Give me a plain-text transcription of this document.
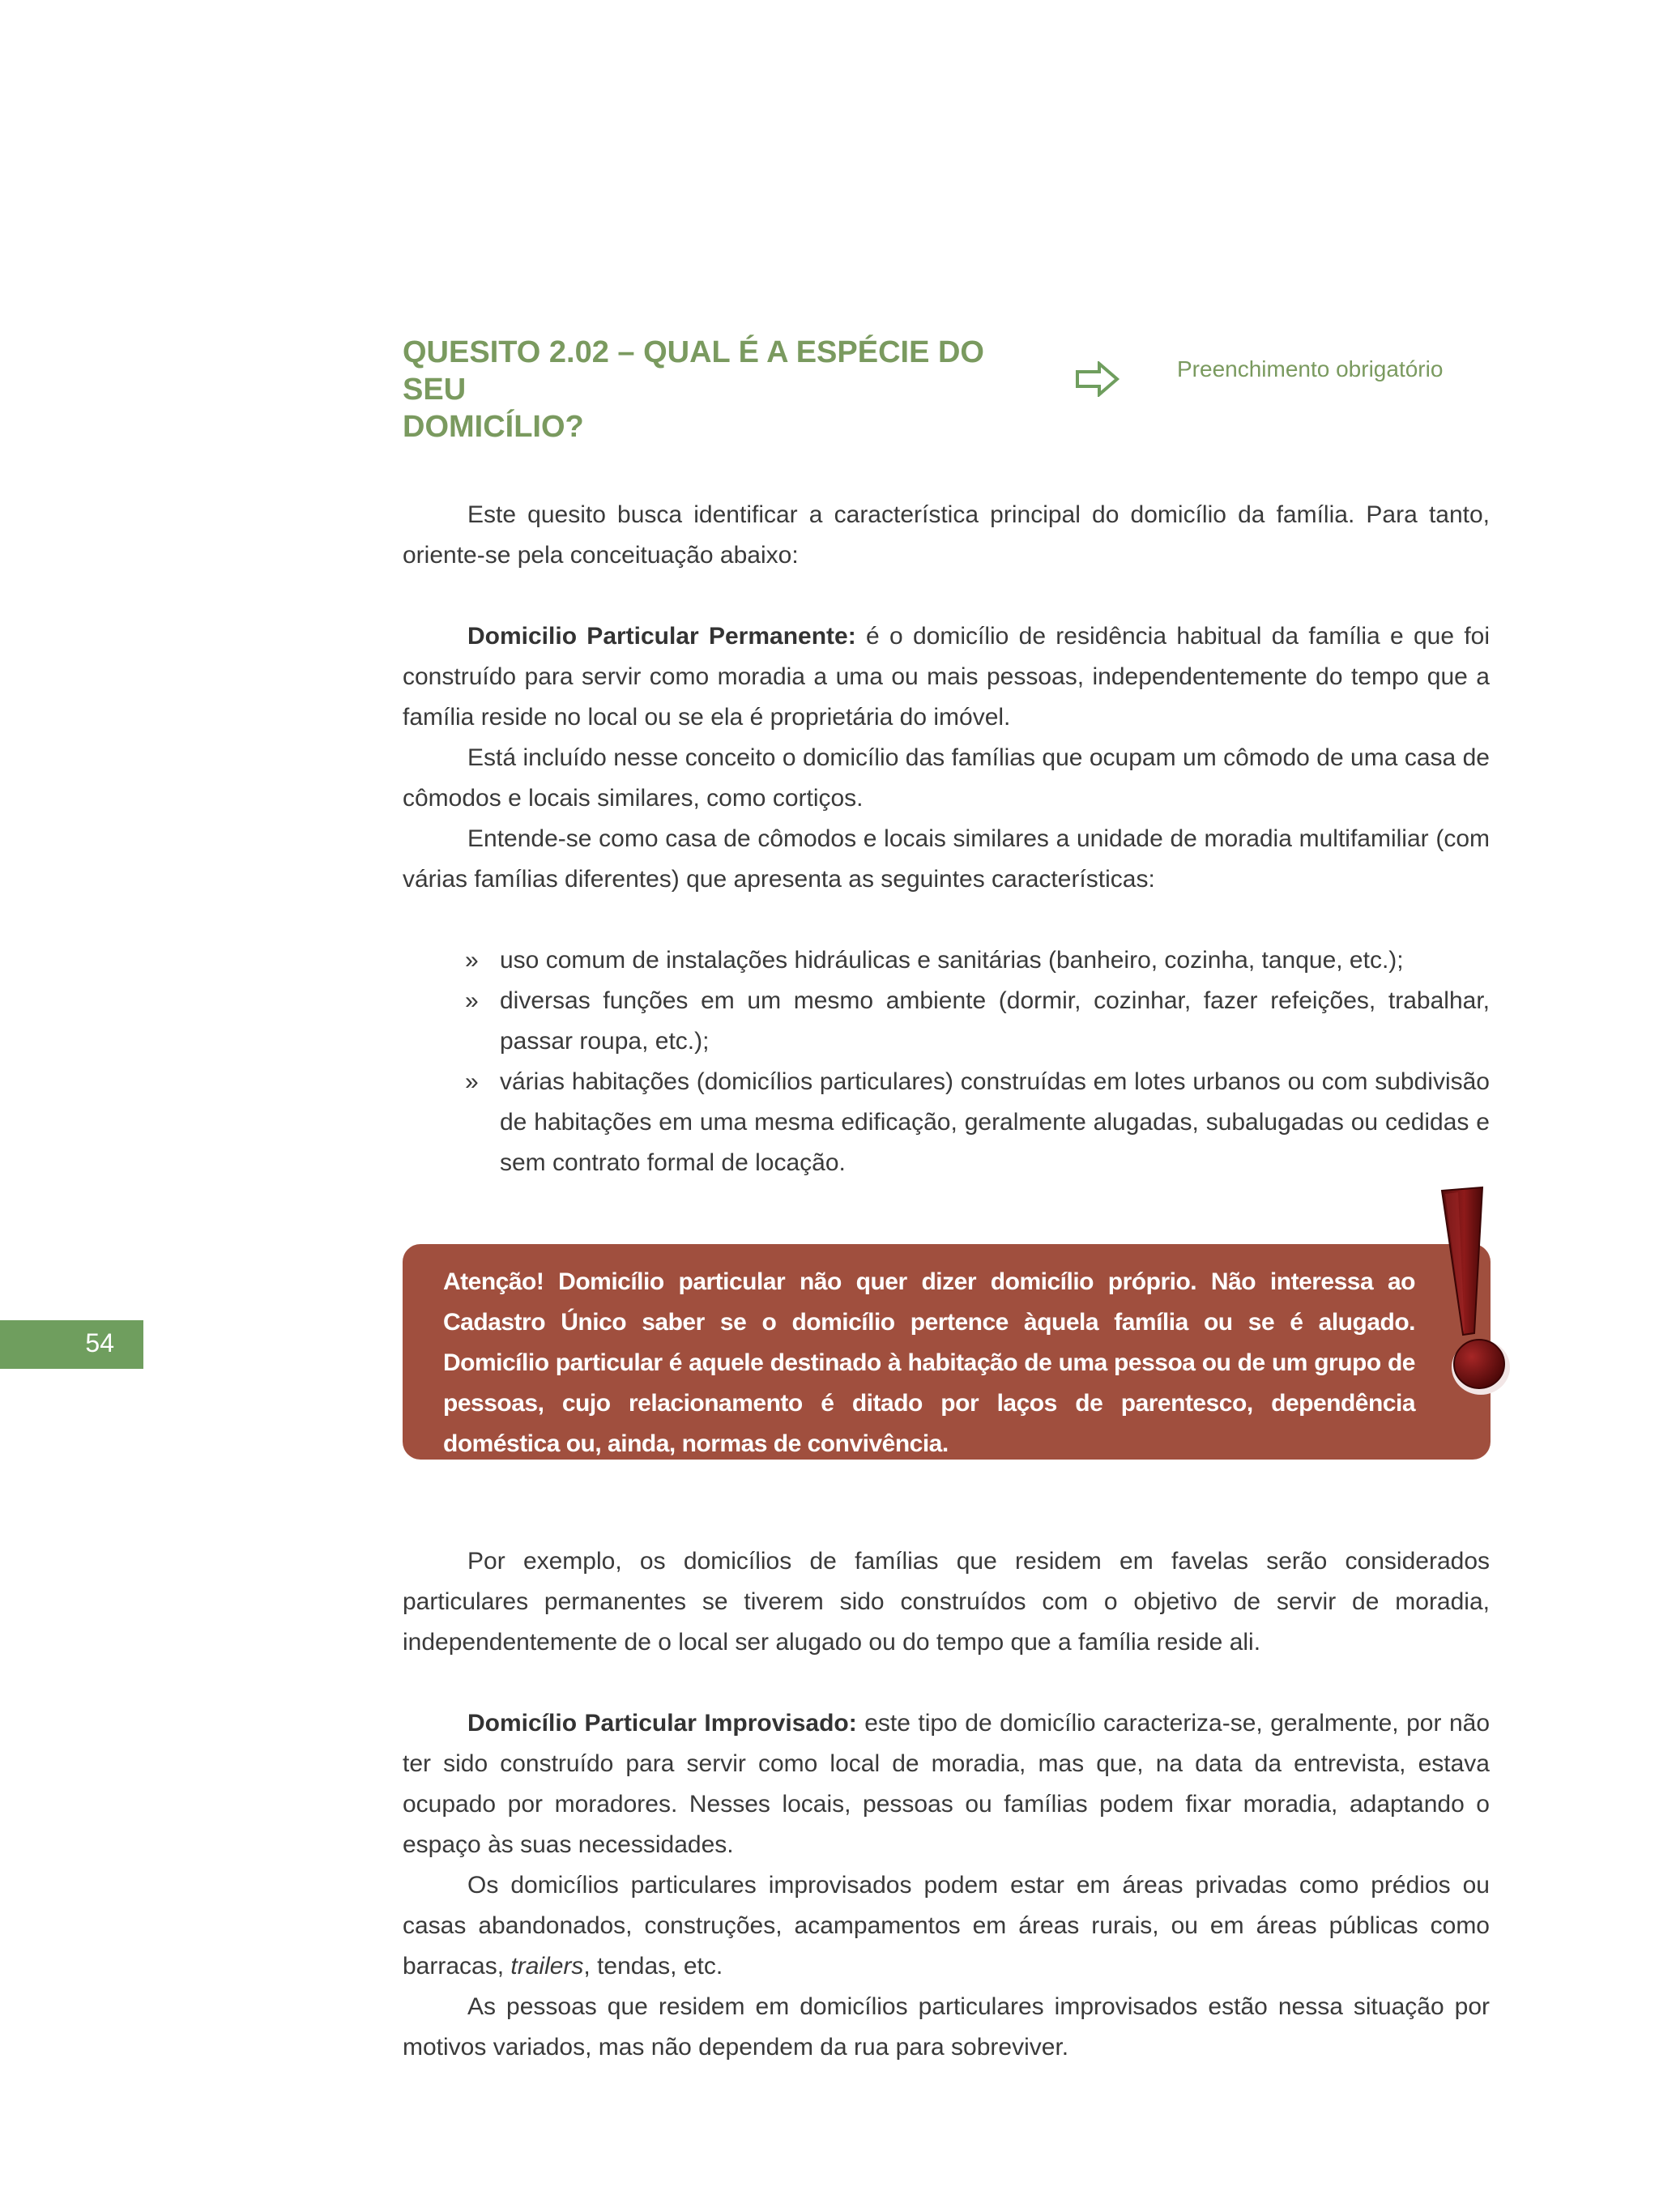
QUESITO 2.02 – QUAL É A ESPÉCIE DO SEU
DOMICÍLIO?
Preenchimento obrigatório

Este quesito busca identificar a característica principal do domicílio da família. Para tanto, oriente-se pela conceituação abaixo:

Domicilio Particular Permanente: é o domicílio de residência habitual da família e que foi construído para servir como moradia a uma ou mais pessoas, independentemente do tempo que a família reside no local ou se ela é proprietária do imóvel.

Está incluído nesse conceito o domicílio das famílias que ocupam um cômodo de uma casa de cômodos e locais similares, como cortiços.

Entende-se como casa de cômodos e locais similares a unidade de moradia multifamiliar (com várias famílias diferentes) que apresenta as seguintes características:

» uso comum de instalações hidráulicas e sanitárias (banheiro, cozinha, tanque, etc.);
» diversas funções em um mesmo ambiente (dormir, cozinhar, fazer refeições, trabalhar, passar roupa, etc.);
» várias habitações (domicílios particulares) construídas em lotes urbanos ou com subdivisão de habitações em uma mesma edificação, geralmente alugadas, subalugadas ou cedidas e sem contrato formal de locação.
54
Atenção! Domicílio particular não quer dizer domicílio próprio. Não interessa ao Cadastro Único saber se o domicílio pertence àquela família ou se é alugado. Domicílio particular é aquele destinado à habitação de uma pessoa ou de um grupo de pessoas, cujo relacionamento é ditado por laços de parentesco, dependência doméstica ou, ainda, normas de convivência.

Por exemplo, os domicílios de famílias que residem em favelas serão considerados particulares permanentes se tiverem sido construídos com o objetivo de servir de moradia, independentemente de o local ser alugado ou do tempo que a família reside ali.

Domicílio Particular Improvisado: este tipo de domicílio caracteriza-se, geralmente, por não ter sido construído para servir como local de moradia, mas que, na data da entrevista, estava ocupado por moradores. Nesses locais, pessoas ou famílias podem fixar moradia, adaptando o espaço às suas necessidades.

Os domicílios particulares improvisados podem estar em áreas privadas como prédios ou casas abandonados, construções, acampamentos em áreas rurais, ou em áreas públicas como barracas, trailers, tendas, etc.

As pessoas que residem em domicílios particulares improvisados estão nessa situação por motivos variados, mas não dependem da rua para sobreviver.
